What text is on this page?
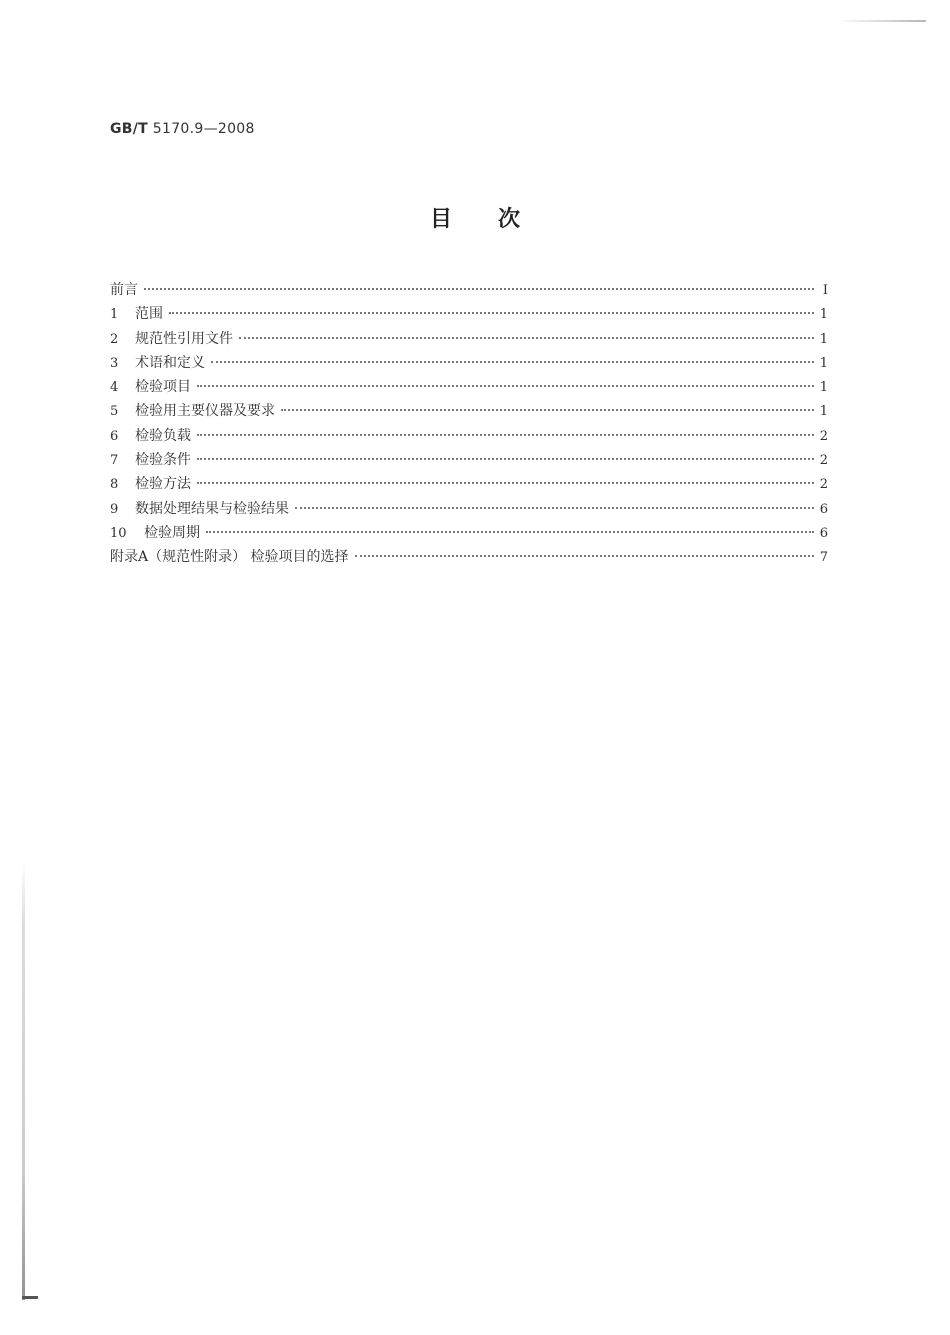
GB/T 5170.9—2008
目次
前言	I
1	范围	1
2	规范性引用文件	1
3	术语和定义	1
4	检验项目	1
5	检验用主要仪器及要求	1
6	检验负载	2
7	检验条件	2
8	检验方法	2
9	数据处理结果与检验结果	6
10	检验周期	6
附录A（规范性附录） 检验项目的选择	7
